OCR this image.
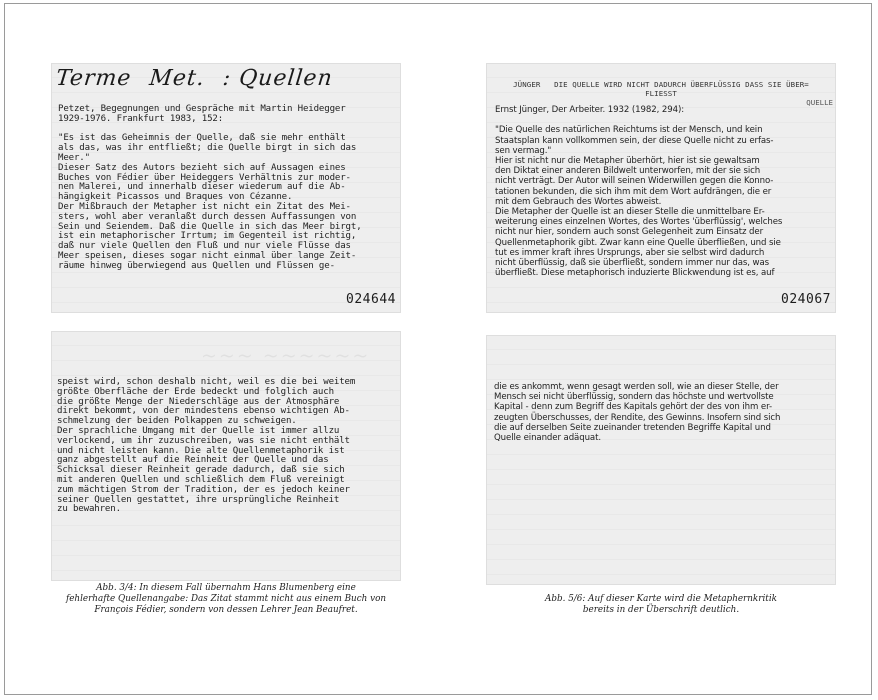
Terme Met. : Quellen
Petzet, Begegnungen und Gespräche mit Martin Heidegger
1929-1976. Frankfurt 1983, 152:

"Es ist das Geheimnis der Quelle, daß sie mehr enthält
als das, was ihr entfließt; die Quelle birgt in sich das
Meer."
Dieser Satz des Autors bezieht sich auf Aussagen eines
Buches von Fédier über Heideggers Verhältnis zur moder-
nen Malerei, und innerhalb dieser wiederum auf die Ab-
hängigkeit Picassos und Braques von Cézanne.
Der Mißbrauch der Metapher ist nicht ein Zitat des Mei-
sters, wohl aber veranlaßt durch dessen Auffassungen von
Sein und Seiendem. Daß die Quelle in sich das Meer birgt,
ist ein metaphorischer Irrtum; im Gegenteil ist richtig,
daß nur viele Quellen den Fluß und nur viele Flüsse das
Meer speisen, dieses sogar nicht einmal über lange Zeit-
räume hinweg überwiegend aus Quellen und Flüssen ge-
024644
JÜNGER   DIE QUELLE WIRD NICHT DADURCH ÜBERFLÜSSIG DASS SIE ÜBER=
FLIESST
QUELLE
Ernst Jünger, Der Arbeiter. 1932 (1982, 294):

"Die Quelle des natürlichen Reichtums ist der Mensch, und kein
Staatsplan kann vollkommen sein, der diese Quelle nicht zu erfas-
sen vermag."
Hier ist nicht nur die Metapher überhört, hier ist sie gewaltsam
den Diktat einer anderen Bildwelt unterworfen, mit der sie sich
nicht verträgt. Der Autor will seinen Widerwillen gegen die Konno-
tationen bekunden, die sich ihm mit dem Wort aufdrängen, die er
mit dem Gebrauch des Wortes abweist.
Die Metapher der Quelle ist an dieser Stelle die unmittelbare Er-
weiterung eines einzelnen Wortes, des Wortes 'überflüssig', welches
nicht nur hier, sondern auch sonst Gelegenheit zum Einsatz der
Quellenmetaphorik gibt. Zwar kann eine Quelle überfließen, und sie
tut es immer kraft ihres Ursprungs, aber sie selbst wird dadurch
nicht überflüssig, daß sie überfließt, sondern immer nur das, was
überfließt. Diese metaphorisch induzierte Blickwendung ist es, auf
024067
~~~ ~~~~~~
speist wird, schon deshalb nicht, weil es die bei weitem
größte Oberfläche der Erde bedeckt und folglich auch
die größte Menge der Niederschläge aus der Atmosphäre
direkt bekommt, von der mindestens ebenso wichtigen Ab-
schmelzung der beiden Polkappen zu schweigen.
Der sprachliche Umgang mit der Quelle ist immer allzu
verlockend, um ihr zuzuschreiben, was sie nicht enthält
und nicht leisten kann. Die alte Quellenmetaphorik ist
ganz abgestellt auf die Reinheit der Quelle und das
Schicksal dieser Reinheit gerade dadurch, daß sie sich
mit anderen Quellen und schließlich dem Fluß vereinigt
zum mächtigen Strom der Tradition, der es jedoch keiner
seiner Quellen gestattet, ihre ursprüngliche Reinheit
zu bewahren.
die es ankommt, wenn gesagt werden soll, wie an dieser Stelle, der
Mensch sei nicht überflüssig, sondern das höchste und wertvollste
Kapital - denn zum Begriff des Kapitals gehört der des von ihm er-
zeugten Überschusses, der Rendite, des Gewinns. Insofern sind sich
die auf derselben Seite zueinander tretenden Begriffe Kapital und
Quelle einander adäquat.
Abb. 3/4: In diesem Fall übernahm Hans Blumenberg eine
fehlerhafte Quellenangabe: Das Zitat stammt nicht aus einem Buch von
François Fédier, sondern von dessen Lehrer Jean Beaufret.
Abb. 5/6: Auf dieser Karte wird die Metaphernkritik
bereits in der Überschrift deutlich.
